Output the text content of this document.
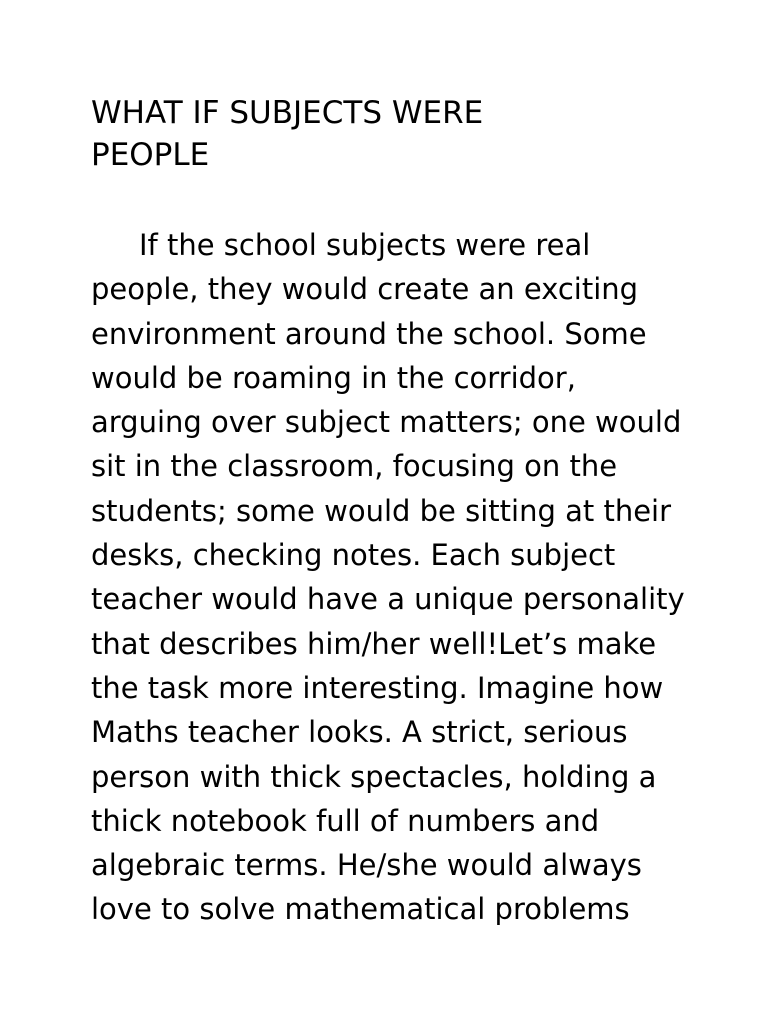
WHAT IF SUBJECTS WERE
PEOPLE
If the school subjects were real
people, they would create an exciting
environment around the school. Some
would be roaming in the corridor,
arguing over subject matters; one would
sit in the classroom, focusing on the
students; some would be sitting at their
desks, checking notes. Each subject
teacher would have a unique personality
that describes him/her well!Let’s make
the task more interesting. Imagine how
Maths teacher looks. A strict, serious
person with thick spectacles, holding a
thick notebook full of numbers and
algebraic terms. He/she would always
love to solve mathematical problems
